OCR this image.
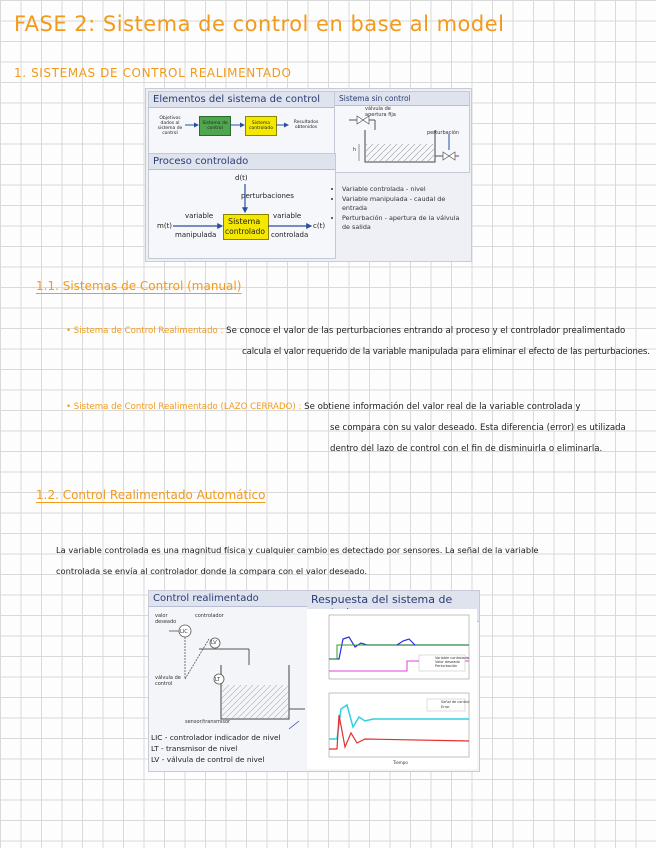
FASE 2: Sistema de control en base al model
1. SISTEMAS DE CONTROL REALIMENTADO
Elementos del sistema de control
Objetivos dados al sistema de control
Sistema de control
Sistema controlado
Resultados obtenidos
Sistema sin control
válvula de apertura fija
perturbación
h
Proceso controlado
d(t)
perturbaciones
variable
manipulada
m(t)	Sistema
controlado
variable
controlada
c(t)
• Variable controlada - nivel
• Variable manipulada - caudal de entrada
• Perturbación - apertura de la válvula de salida
1.1. Sistemas de Control (manual)
• Sistema de Control Realimentado : Se conoce el valor de las perturbaciones entrando al proceso y el controlador prealimentado
calcula el valor requerido de la variable manipulada para eliminar el efecto de las perturbaciones.
• Sistema de Control Realimentado (LAZO CERRADO) : Se obtiene información del valor real de la variable controlada y
se compara con su valor deseado. Esta diferencia (error) es utilizada
dentro del lazo de control con el fin de disminuirla o eliminarla.
1.2. Control Realimentado Automático
La variable controlada es una magnitud física y cualquier cambio es detectado por sensores. La señal de la variable
controlada se envía al controlador donde la compara con el valor deseado.
Control realimentado	Respuesta del sistema de
valor deseado
controlador
LIC
LV
LT
válvula de control
sensor/transmisor
Variable controlada
Valor deseado
Perturbación
Señal de control
Error
Tiempo
LIC - controlador indicador de nivel
LT - transmisor de nivel
LV - válvula de control de nivel
